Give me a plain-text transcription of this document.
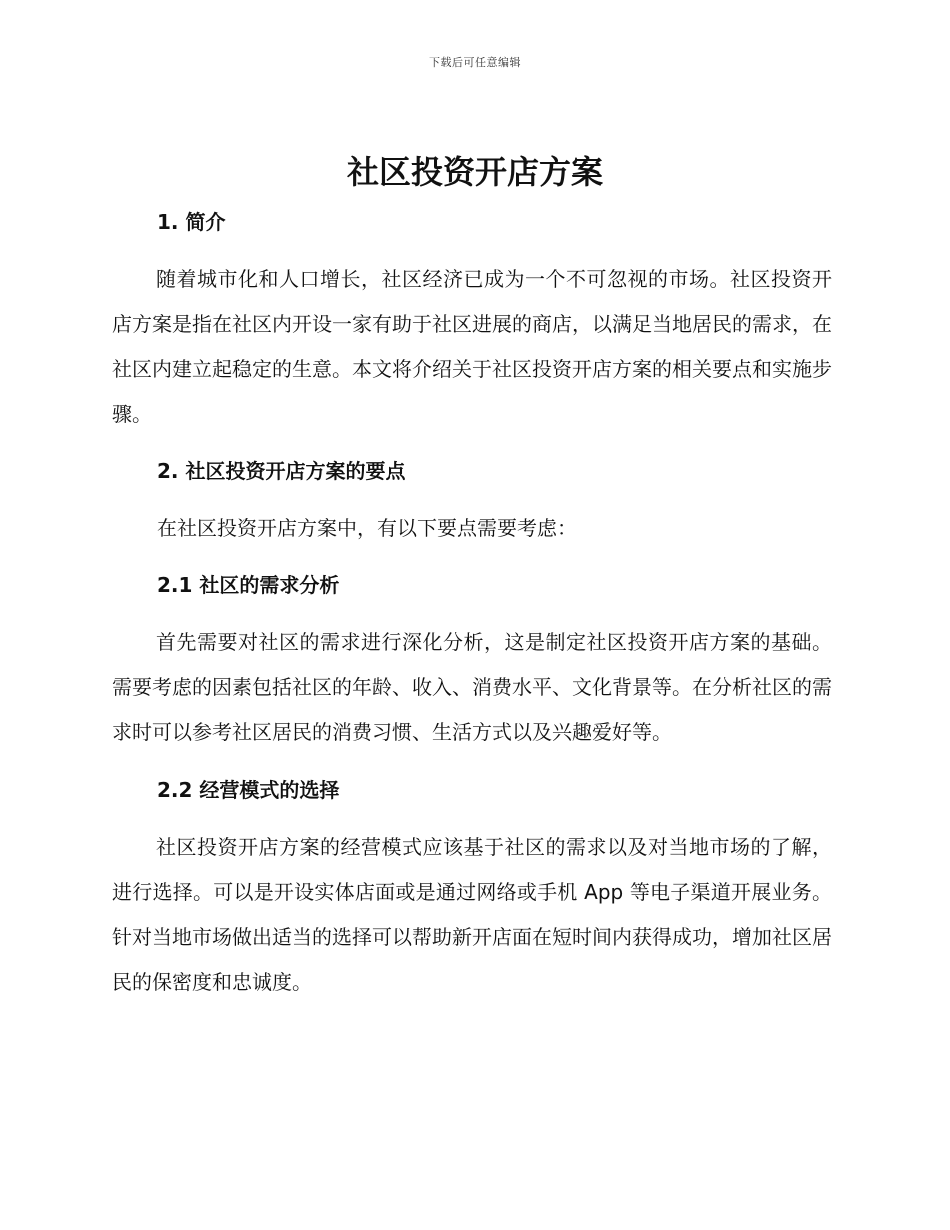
下载后可任意编辑
社区投资开店方案
1. 简介

随着城市化和人口增长，社区经济已成为一个不可忽视的市场。社区投资开店方案是指在社区内开设一家有助于社区进展的商店，以满足当地居民的需求，在社区内建立起稳定的生意。本文将介绍关于社区投资开店方案的相关要点和实施步骤。

2. 社区投资开店方案的要点

在社区投资开店方案中，有以下要点需要考虑：

2.1 社区的需求分析

首先需要对社区的需求进行深化分析，这是制定社区投资开店方案的基础。需要考虑的因素包括社区的年龄、收入、消费水平、文化背景等。在分析社区的需求时可以参考社区居民的消费习惯、生活方式以及兴趣爱好等。

2.2 经营模式的选择

社区投资开店方案的经营模式应该基于社区的需求以及对当地市场的了解，进行选择。可以是开设实体店面或是通过网络或手机 App 等电子渠道开展业务。针对当地市场做出适当的选择可以帮助新开店面在短时间内获得成功，增加社区居民的保密度和忠诚度。
